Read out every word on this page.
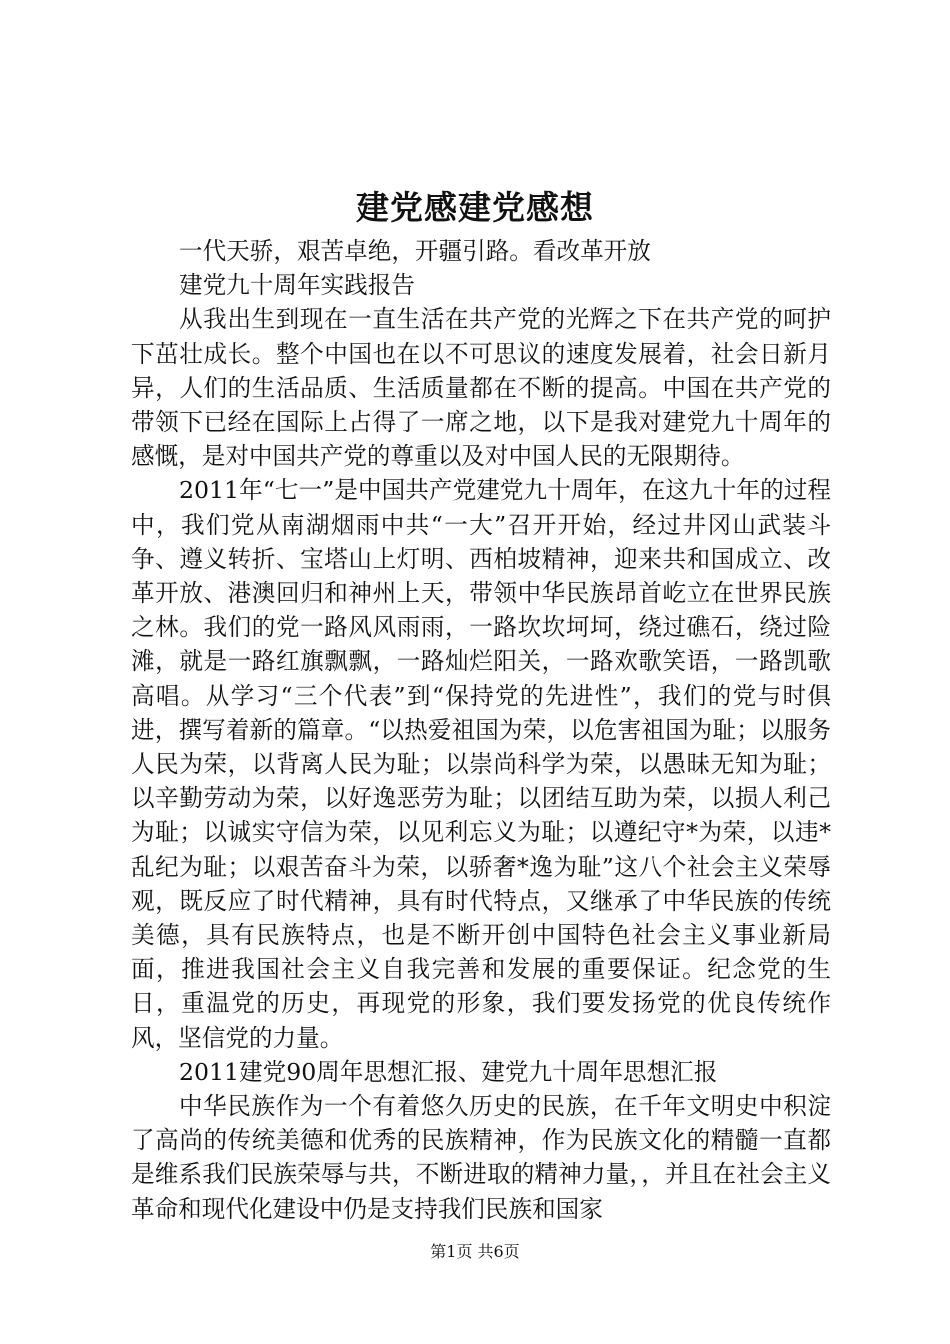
建党感建党感想

一代天骄，艰苦卓绝，开疆引路。看改革开放

建党九十周年实践报告

从我出生到现在一直生活在共产党的光辉之下在共产党的呵护下茁壮成长。整个中国也在以不可思议的速度发展着，社会日新月异，人们的生活品质、生活质量都在不断的提高。中国在共产党的带领下已经在国际上占得了一席之地，以下是我对建党九十周年的感慨，是对中国共产党的尊重以及对中国人民的无限期待。

2011年“七一”是中国共产党建党九十周年，在这九十年的过程中，我们党从南湖烟雨中共“一大”召开开始，经过井冈山武装斗争、遵义转折、宝塔山上灯明、西柏坡精神，迎来共和国成立、改革开放、港澳回归和神州上天，带领中华民族昂首屹立在世界民族之林。我们的党一路风风雨雨，一路坎坎坷坷，绕过礁石，绕过险滩，就是一路红旗飘飘，一路灿烂阳关，一路欢歌笑语，一路凯歌高唱。从学习“三个代表”到“保持党的先进性”，我们的党与时俱进，撰写着新的篇章。“以热爱祖国为荣，以危害祖国为耻；以服务人民为荣，以背离人民为耻；以崇尚科学为荣，以愚昧无知为耻；以辛勤劳动为荣，以好逸恶劳为耻；以团结互助为荣，以损人利己为耻；以诚实守信为荣，以见利忘义为耻；以遵纪守*为荣，以违*乱纪为耻；以艰苦奋斗为荣，以骄奢*逸为耻”这八个社会主义荣辱观，既反应了时代精神，具有时代特点，又继承了中华民族的传统美德，具有民族特点，也是不断开创中国特色社会主义事业新局面，推进我国社会主义自我完善和发展的重要保证。纪念党的生日，重温党的历史，再现党的形象，我们要发扬党的优良传统作风，坚信党的力量。

2011建党90周年思想汇报、建党九十周年思想汇报

中华民族作为一个有着悠久历史的民族，在千年文明史中积淀了高尚的传统美德和优秀的民族精神，作为民族文化的精髓一直都是维系我们民族荣辱与共，不断进取的精神力量，，并且在社会主义革命和现代化建设中仍是支持我们民族和国家

第1页 共6页
